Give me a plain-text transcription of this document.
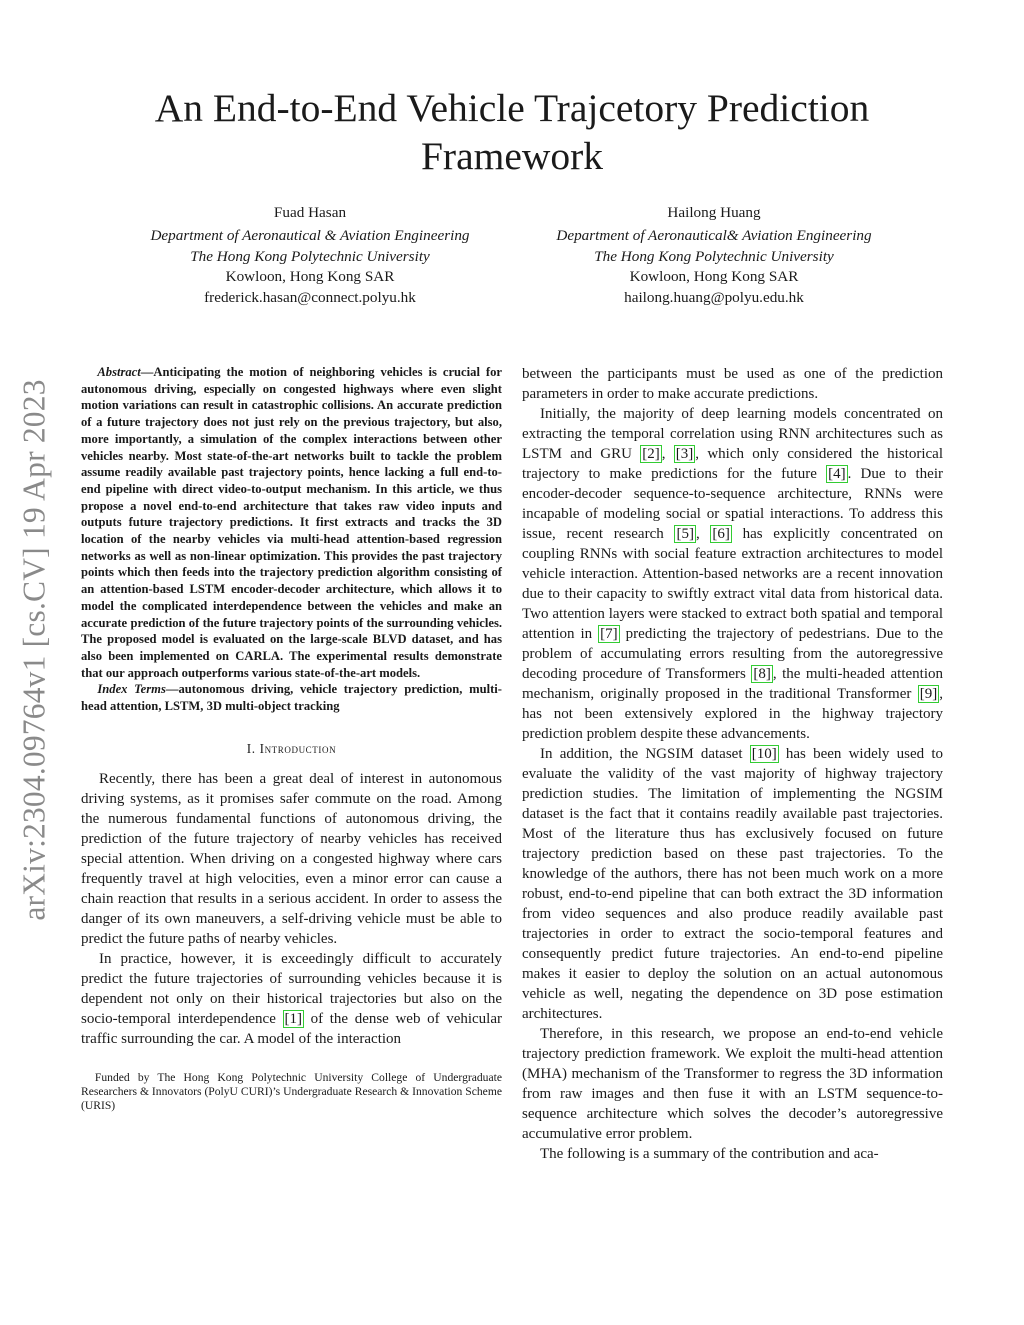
arXiv:2304.09764v1 [cs.CV] 19 Apr 2023
An End-to-End Vehicle Trajcetory Prediction Framework
Fuad Hasan
Department of Aeronautical & Aviation Engineering
The Hong Kong Polytechnic University
Kowloon, Hong Kong SAR
frederick.hasan@connect.polyu.hk
Hailong Huang
Department of Aeronautical& Aviation Engineering
The Hong Kong Polytechnic University
Kowloon, Hong Kong SAR
hailong.huang@polyu.edu.hk

Abstract—Anticipating the motion of neighboring vehicles is crucial for autonomous driving, especially on congested highways where even slight motion variations can result in catastrophic collisions. An accurate prediction of a future trajectory does not just rely on the previous trajectory, but also, more importantly, a simulation of the complex interactions between other vehicles nearby. Most state-of-the-art networks built to tackle the problem assume readily available past trajectory points, hence lacking a full end-to-end pipeline with direct video-to-output mechanism. In this article, we thus propose a novel end-to-end architecture that takes raw video inputs and outputs future trajectory predictions. It first extracts and tracks the 3D location of the nearby vehicles via multi-head attention-based regression networks as well as non-linear optimization. This provides the past trajectory points which then feeds into the trajectory prediction algorithm consisting of an attention-based LSTM encoder-decoder architecture, which allows it to model the complicated interdependence between the vehicles and make an accurate prediction of the future trajectory points of the surrounding vehicles. The proposed model is evaluated on the large-scale BLVD dataset, and has also been implemented on CARLA. The experimental results demonstrate that our approach outperforms various state-of-the-art models.

Index Terms—autonomous driving, vehicle trajectory prediction, multi-head attention, LSTM, 3D multi-object tracking

I. Introduction

Recently, there has been a great deal of interest in autonomous driving systems, as it promises safer commute on the road. Among the numerous fundamental functions of autonomous driving, the prediction of the future trajectory of nearby vehicles has received special attention. When driving on a congested highway where cars frequently travel at high velocities, even a minor error can cause a chain reaction that results in a serious accident. In order to assess the danger of its own maneuvers, a self-driving vehicle must be able to predict the future paths of nearby vehicles.

In practice, however, it is exceedingly difficult to accurately predict the future trajectories of surrounding vehicles because it is dependent not only on their historical trajectories but also on the socio-temporal interdependence [1] of the dense web of vehicular traffic surrounding the car. A model of the interaction

Funded by The Hong Kong Polytechnic University College of Undergraduate Researchers & Innovators (PolyU CURI)’s Undergraduate Research & Innovation Scheme (URIS)

between the participants must be used as one of the prediction parameters in order to make accurate predictions.

Initially, the majority of deep learning models concentrated on extracting the temporal correlation using RNN architectures such as LSTM and GRU [2] , [3] , which only considered the historical trajectory to make predictions for the future [4] . Due to their encoder-decoder sequence-to-sequence architecture, RNNs were incapable of modeling social or spatial interactions. To address this issue, recent research [5] , [6] has explicitly concentrated on coupling RNNs with social feature extraction architectures to model vehicle interaction. Attention-based networks are a recent innovation due to their capacity to swiftly extract vital data from historical data. Two attention layers were stacked to extract both spatial and temporal attention in [7] predicting the trajectory of pedestrians. Due to the problem of accumulating errors resulting from the autoregressive decoding procedure of Transformers [8] , the multi-headed attention mechanism, originally proposed in the traditional Transformer [9] , has not been extensively explored in the highway trajectory prediction problem despite these advancements.

In addition, the NGSIM dataset [10] has been widely used to evaluate the validity of the vast majority of highway trajectory prediction studies. The limitation of implementing the NGSIM dataset is the fact that it contains readily available past trajectories. Most of the literature thus has exclusively focused on future trajectory prediction based on these past trajectories. To the knowledge of the authors, there has not been much work on a more robust, end-to-end pipeline that can both extract the 3D information from video sequences and also produce readily available past trajectories in order to extract the socio-temporal features and consequently predict future trajectories. An end-to-end pipeline makes it easier to deploy the solution on an actual autonomous vehicle as well, negating the dependence on 3D pose estimation architectures.

Therefore, in this research, we propose an end-to-end vehicle trajectory prediction framework. We exploit the multi-head attention (MHA) mechanism of the Transformer to regress the 3D information from raw images and then fuse it with an LSTM sequence-to-sequence architecture which solves the decoder’s autoregressive accumulative error problem.

The following is a summary of the contribution and aca-
